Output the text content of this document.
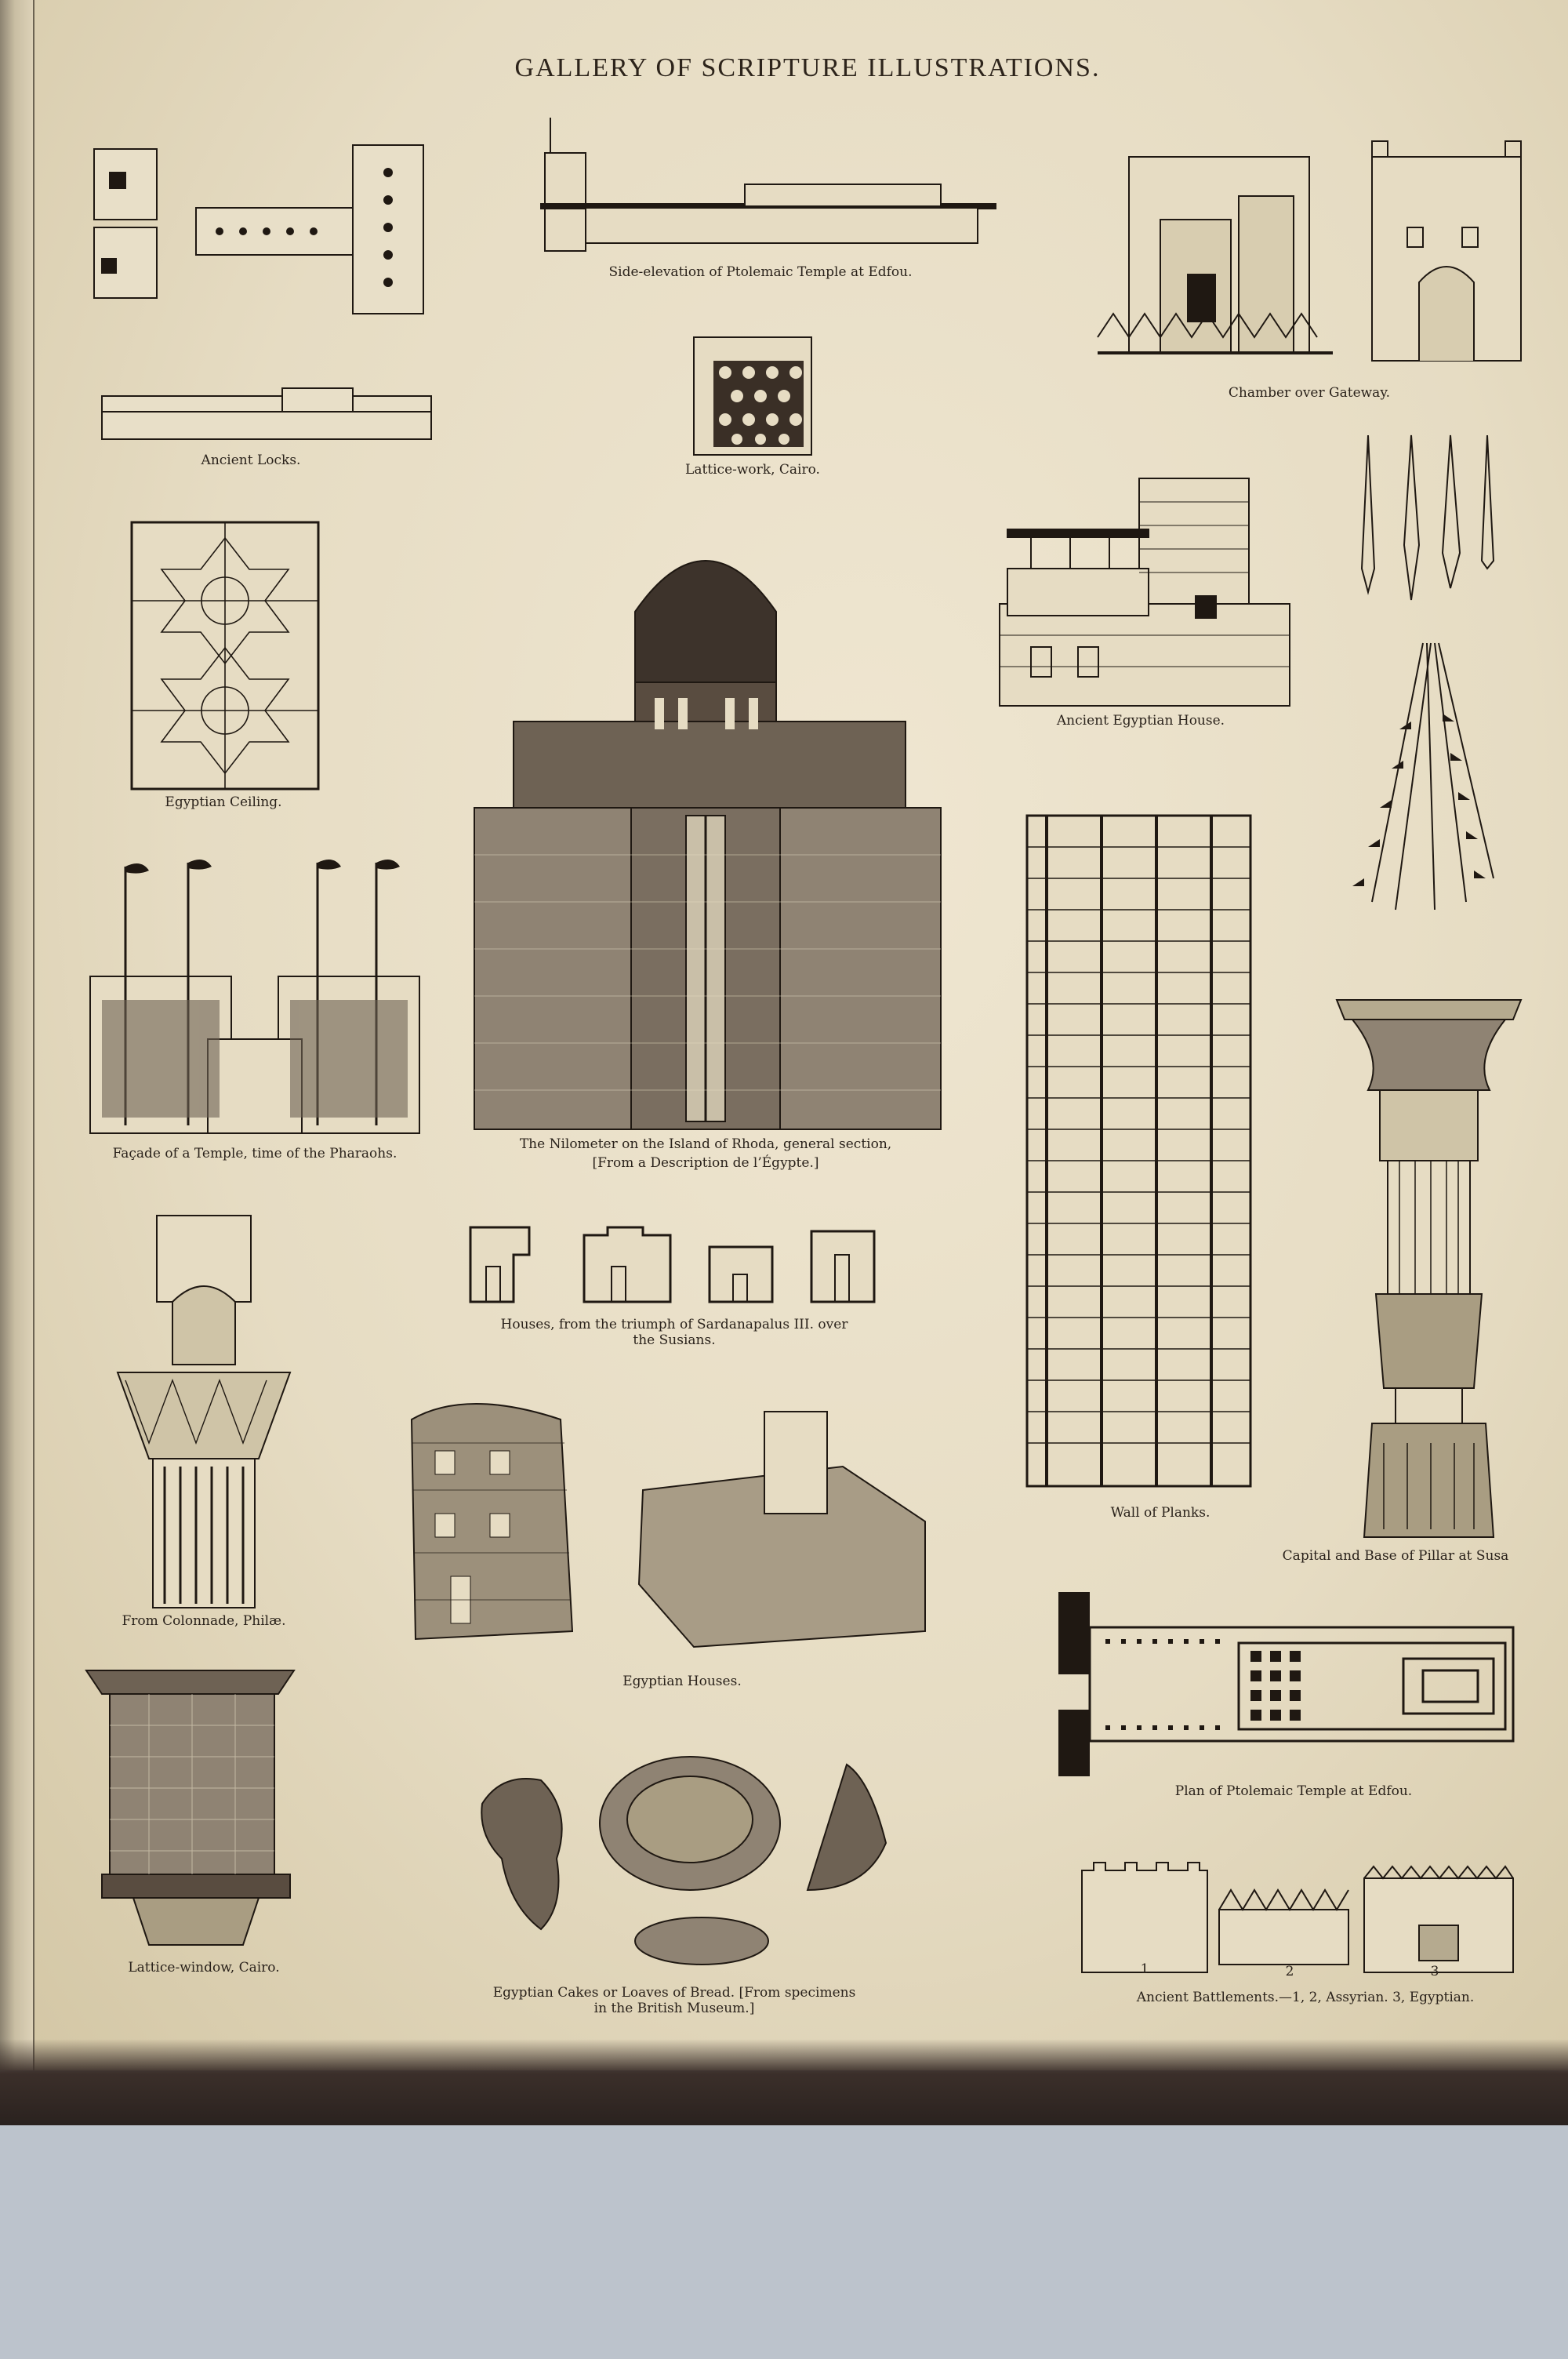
GALLERY OF SCRIPTURE ILLUSTRATIONS.
Ancient Locks.
Side-elevation of Ptolemaic Temple at Edfou.
Lattice-work, Cairo.
Chamber over Gateway.
Egyptian Ceiling.
Ancient Egyptian House.
The Nilometer on the Island of Rhoda, general section,
[From a Description de l’Égypte.]
Wall of Planks.
Façade of a Temple, time of the Pharaohs.
Houses, from the triumph of Sardanapalus III. over
the Susians.
From Colonnade, Philæ.
Capital and Base of Pillar at Susa
Egyptian Houses.
Plan of Ptolemaic Temple at Edfou.
Lattice-window, Cairo.
Egyptian Cakes or Loaves of Bread. [From specimens
in the British Museum.]
1	2	3
Ancient Battlements.—1, 2, Assyrian. 3, Egyptian.
